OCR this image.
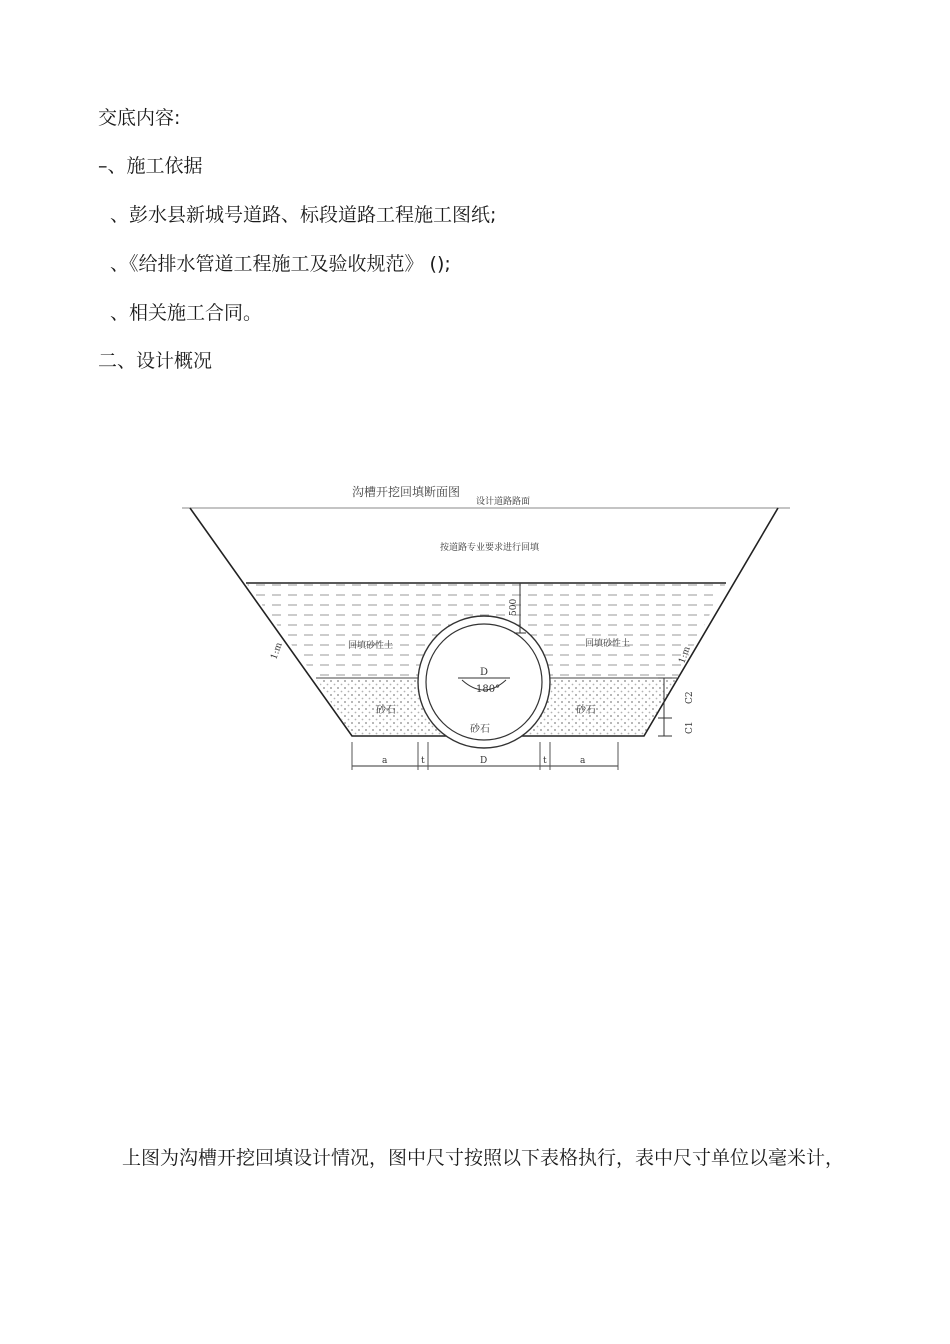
交底内容:
–、施工依据
、彭水县新城号道路、标段道路工程施工图纸;
、《给排水管道工程施工及验收规范》 ();
、相关施工合同。
二、设计概况
沟槽开挖回填断面图
设计道路路面
按道路专业要求进行回填
500
回填砂性土	回填砂性土
D
180°
砂石	砂石
砂石
1:m	1:m
C2
C1
a	t	D	t	a
上图为沟槽开挖回填设计情况，图中尺寸按照以下表格执行，表中尺寸单位以毫米计，
